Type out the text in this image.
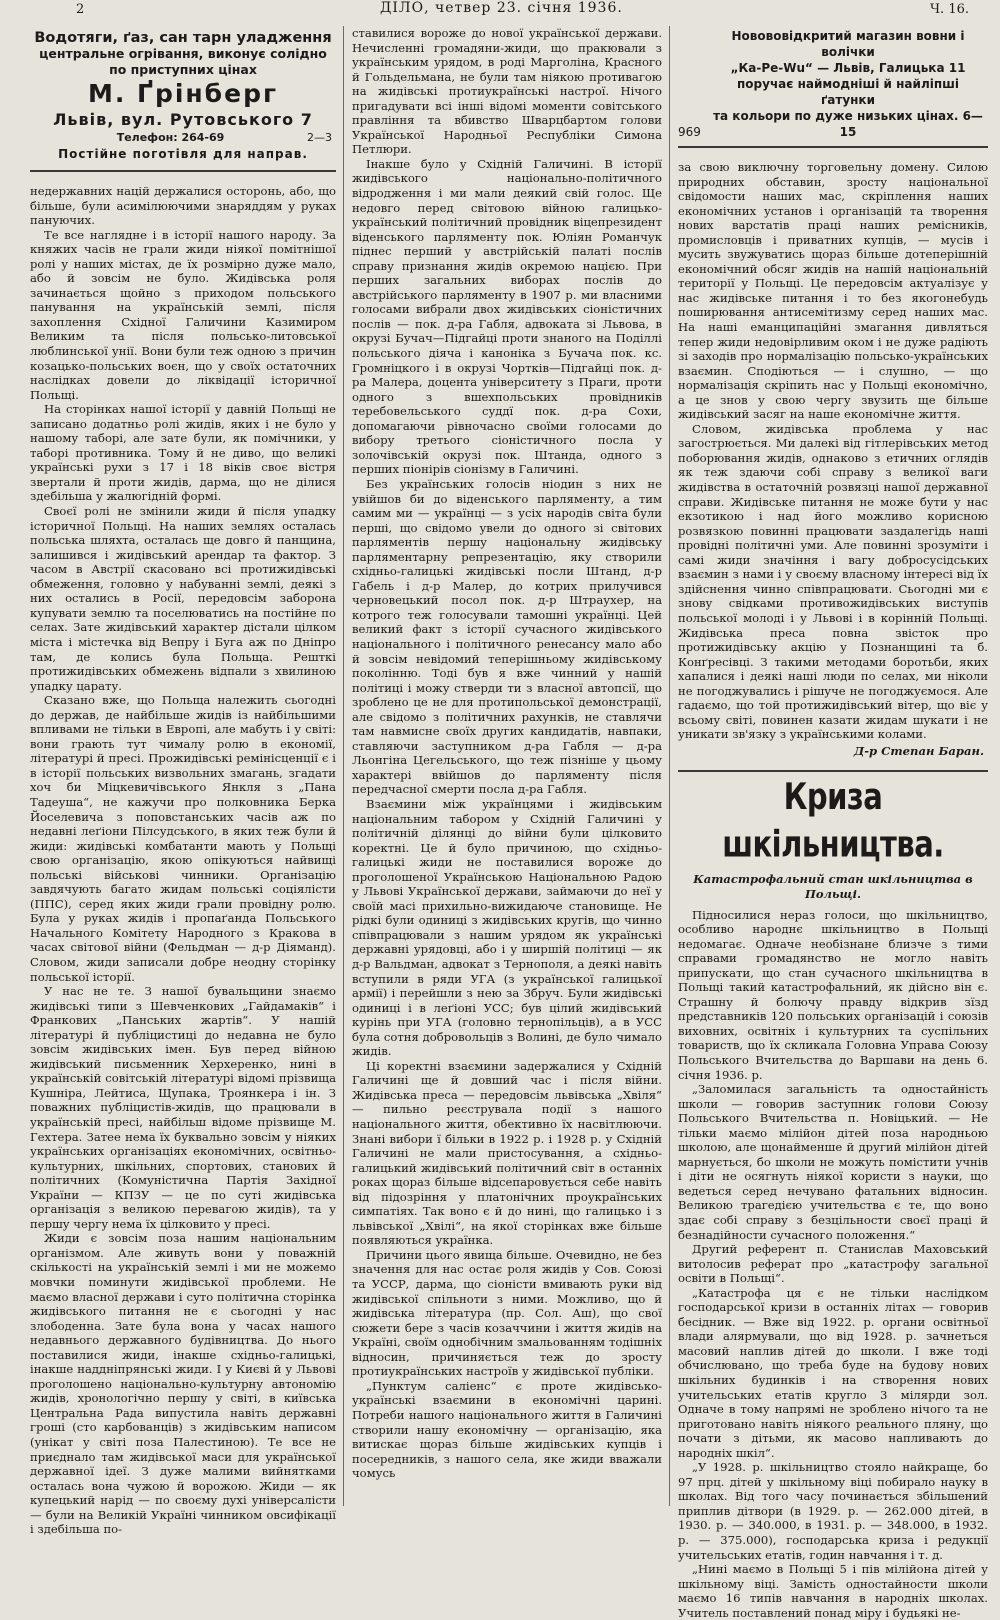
2	ДІЛО, четвер 23. січня 1936.	Ч. 16.
Водотяги, ґаз, сан тарн уладження
центральне огрівання, виконує солідно
по приступних цінах
М. Ґрінберг
Львів, вул. Рутовського 7
Телефон: 264-69	2—3
Постійне поготівля для направ.

недержавних націй держалися осторонь, або, що більше, були асимілюючими знаряддям у руках пануючих.

Те все наглядне і в історії нашого народу. За княжих часів не грали жиди ніякої помітнішої ролі у наших містах, де їх розмірно дуже мало, або й зовсім не було. Жидівська роля зачинається щойно з приходом польського панування на українській землі, після захоплення Східної Галичини Казимиром Великим та після польсько-литовської люблинської унії. Вони були теж одною з причин козацько-польських воєн, що у своїх остаточних наслідках довели до ліквідації історичної Польщі.

На сторінках нашої історії у давній Польщі не записано додатньо ролі жидів, яких і не було у нашому таборі, але зате були, як помічники, у таборі противника. Тому й не диво, що великі українські рухи з 17 і 18 віків своє вістря звертали й проти жидів, дарма, що не ділися здебільша у жалюгідній формі.

Своєї ролі не змінили жиди й після упадку історичної Польщі. На наших землях осталась польська шляхта, осталась ще довго й панщина, залишився і жидівський арендар та фактор. З часом в Австрії скасовано всі протижидівські обмеження, головно у набуванні землі, деякі з них остались в Росії, передовсім заборона купувати землю та поселюватись на постійне по селах. Зате жидівський характер дістали цілком міста і містечка від Вепру і Буга аж по Дніпро там, де колись була Польща. Решткі протижидівських обмежень відпали з хвилиною упадку царату.

Сказано вже, що Польща належить сьогодні до держав, де найбільше жидів із найбільшими впливами не тільки в Европі, але мабуть і у світі: вони грають тут чималу ролю в економії, літературі й пресі. Прожидівські ремінісценції є і в історії польських визвольних змагань, згадати хоч би Міцкевичівського Янкля з „Пана Тадеуша“, не кажучи про полковника Берка Йоселевича з поповстанських часів аж по недавні леґіони Пілсудського, в яких теж були й жиди: жидівські комбатанти мають у Польщі свою організацію, якою опікуються найвищі польські військові чинники. Організацію завдячують багато жидам польські соціялісти (ППС), серед яких жиди грали провідну ролю. Була у руках жидів і пропаґанда Польського Начального Комітету Народного з Кракова в часах світової війни (Фельдман — д-р Діяманд). Словом, жиди записали добре неодну сторінку польської історії.

У нас не те. З нашої бувальщини знаємо жидівські типи з Шевченкових „Гайдамаків“ і Франкових „Панських жартів“. У нашій літературі й публіцистиці до недавна не було зовсім жидівських імен. Був перед війною жидівський письменник Херхеренко, нині в українській совітській літературі відомі прізвища Кушніра, Лейтиса, Щупака, Троянкера і ін. З поважних публіцистів-жидів, що працювали в українській пресі, найбільш відоме прізвище М. Гехтера. Затее нема їх буквально зовсім у ніяких українських організаціях економічних, освітньо-культурних, шкільних, спортових, станових й політичних (Комуністична Партія Західної України — КПЗУ — це по суті жидівська організація з великою перевагою жидів), та у першу чергу нема їх цілковито у пресі.

Жиди є зовсім поза нашим національним організмом. Але живуть вони у поважній скількості на українській землі і ми не можемо мовчки поминути жидівської проблеми. Не маємо власної держави і суто політична сторінка жидівського питання не є сьогодні у нас злободенна. Зате була вона у часах нашого недавнього державного будівництва. До нього поставилися жиди, інакше східньо-галицькі, інакше наддніпрянські жиди. І у Києві й у Львові проголошено національно-культурну автономію жидів, хронологічно першу у світі, в київська Центральна Рада випустила навіть державні гроші (сто карбованців) з жидівським написом (унікат у світі поза Палестиною). Те все не приєднало там жидівської маси для української державної ідеї. З дуже малими вийнятками осталась вона чужою й ворожою. Жиди — як купецький нарід — по своєму духі універсалісти — були на Великій Україні чинником овсифікації і здебільша по-

ставилися вороже до нової української держави. Нечисленні громадяни-жиди, що пракювали з українським урядом, в роді Марголіна, Красного й Гольдельмана, не були там ніякою противагою на жидівські протиукраїнські настрої. Нічого пригадувати всі інші відомі моменти совітського правління та вбивство Шварцбартом голови Української Народньої Республіки Симона Петлюри.

Інакше було у Східній Галичині. В історії жидівського національно-політичного відродження і ми мали деякий свій голос. Ще недовго перед світовою війною галицько-український політичний провідник віцепрезидент віденського парляменту пок. Юліян Романчук піднес перший у австрійській палаті послів справу признання жидів окремою нацією. При перших загальних виборах послів до австрійського парляменту в 1907 р. ми власними голосами вибрали двох жидівських сіоністичних послів — пок. д-ра Габля, адвоката зі Львова, в окрузі Бучач—Підгайці проти знаного на Поділлі польського діяча і каноніка з Бучача пок. кс. Громніцкого і в окрузі Чортків—Підгайці пок. д-ра Малера, доцента університету з Праги, проти одного з вшехпольських провідників теребовельського суддї пок. д-ра Сохи, допомагаючи рівночасно своїми голосами до вибору третього сіоністичного посла у золочівській окрузі пок. Штанда, одного з перших піонірів сіонізму в Галичині.

Без українських голосів ніодин з них не увійшов би до віденського парляменту, а тим самим ми — українці — з усіх народів світа були перші, що свідомо увели до одного зі світових парляментів першу національну жидівську парляментарну репрезентацію, яку створили східньо-галицькі жидівські посли Штанд, д-р Габель і д-р Малер, до котрих прилучився черновецький посол пок. д-р Штраухер, на котрого теж голосували тамошні українці. Цей великий факт з історії сучасного жидівського національного і політичного ренесансу мало або й зовсім невідомий теперішньому жидівському поколінню. Тоді був я вже чинний у нашій політиці і можу стверди ти з власної автопсії, що зроблено це не для протипольської демонстрації, але свідомо з політичних рахунків, не ставлячи там навмисне своїх других кандидатів, навпаки, ставляючи заступником д-ра Габля — д-ра Льонгіна Цегельського, що теж пізніше у цьому характері ввійшов до парляменту після передчасної смерти посла д-ра Габля.

Взаємини між українцями і жидівським національним табором у Східній Галичині у політичній ділянці до війни були цілковито коректні. Це й було причиною, що східньо-галицькі жиди не поставилися вороже до проголошеної Українською Національною Радою у Львові Української держави, займаючи до неї у своїй масі прихильно-вижидаюче становище. Не рідкі були одиниці з жидівських кругів, що чинно співпрацювали з нашим урядом як українські державні урядовці, або і у ширшій політиці — як д-р Вальдман, адвокат з Тернополя, а деякі навіть вступили в ряди УГА (з української галицької армії) і перейшли з нею за Збруч. Були жидівські одиниці і в леґіоні УСС; був цілий жидівський курінь при УГА (головно тернопільців), а в УСС була сотня добровольців з Волині, де було чимало жидів.

Ці коректні взаємини задержалися у Східній Галичині ще й довший час і після війни. Жидівська преса — передовсім львівська „Хвіля“ — пильно реєструвала події з нашого національного життя, обективно їх насвітлюючи. Знані вибори ї більки в 1922 р. і 1928 р. у Східній Галичині не мали пристосування, а східньо-галицький жидівський політичний світ в останніх роках щораз більше відсепаровується себе навіть від підозріння у платонічних проукраїнських симпатіях. Так воно є й до нині, що галицько і з львівської „Хвілі“, на якої сторінках вже більше появляються українка.

Причини цього явища більше. Очевидно, не без значення для нас остає роля жидів у Сов. Союзі та УССР, дарма, що сіоністи вмивають руки від жидівської спільноти з ними. Можливо, що й жидівська література (пр. Сол. Аш), що свої сюжети бере з часів козаччини і життя жидів на Україні, своїм однобічним змальованням тодішніх відносин, причиняється теж до зросту протиукраїнських настроїв у жидівської публіки.

„Пунктум саліенс“ є проте жидівсько-українські взаємини в економічні царині. Потреби нашого національного життя в Галичині створили нашу економічну — організацію, яка витискає щораз більше жидівських купців і посередників, з нашого села, яке жиди вважали чомусь

969
Новововідкритий магазин вовни і волічки
„Ка-Ре-Wu“ — Львів, Галицька 11
поручає наймодніші й найліпші ґатунки
та кольори по дуже низьких цінах. 6—15

за свою виключну торговельну домену. Силою природних обставин, зросту національної свідомости наших мас, скріплення наших економічних установ і організацій та творення нових варстатів праці наших ремісників, промисловців і приватних купців, — мусів і мусить звужуватись щораз більше дотеперішній економічний обсяг жидів на нашій національній території у Польщі. Це передовсім актуалізує у нас жидівське питання і то без якогонебудь поширювання антисемітизму серед наших мас. На наші еманципаційні змагання дивляться тепер жиди недовірливим оком і не дуже радіють зі заходів про нормалізацію польсько-українських взаємин. Сподіються — і слушно, — що нормалізація скріпить нас у Польщі економічно, а це знов у свою чергу звузить ще більше жидівський засяг на наше економічне життя.

Словом, жидівська проблема у нас загострюється. Ми далекі від гітлерівських метод поборювання жидів, однаково з етичних оглядів як теж здаючи собі справу з великої ваги жидівства в остаточній розвязці нашої державної справи. Жидівське питання не може бути у нас екзотикою і над його можливо корисною розвязкою повинні працювати заздалегідь наші провідні політичні уми. Але повинні зрозуміти і самі жиди значіння і вагу добросусідських взаємин з нами і у своєму власному інтересі від їх здійснення чинно співпрацювати. Сьогодні ми є знову свідками противожидівських виступів польської молоді і у Львові і в корінній Польщі. Жидівська преса повна звісток про протижидівську акцію у Познанщині та б. Конґресівці. З такими методами боротьби, яких хапалися і деякі наші люди по селах, ми ніколи не погоджувались і рішуче не погоджуємося. Але гадаємо, що той протижидівський вітер, що віє у всьому світі, повинен казати жидам шукати і не уникати зв'язку з українськими колами.

Д-р Степан Баран.
Криза шкільництва.
Катастрофальний стан шкільництва в Польщі.

Підносилися нераз голоси, що шкільництво, особливо народнє шкільництво в Польщі недомагає. Одначе необізнане близче з тими справами громадянство не могло навіть припускати, що стан сучасного шкільництва в Польщі такий катастрофальний, як дійсно він є. Страшну й болючу правду відкрив зїзд представників 120 польських організацій і союзів виховних, освітніх і культурних та суспільних товариств, що їх скликала Головна Управа Союзу Польського Вчительства до Варшави на день 6. січня 1936. р.

„Заломилася загальність та одностайність школи — говорив заступник голови Союзу Польського Вчительства п. Новіцький. — Не тільки маємо мілійон дітей поза народньою школою, але щонайменше й другий мілійон дітей марнується, бо школи не можуть помістити учнів і діти не осягнуть ніякої користи з науки, що ведеться серед нечувано фатальних відносин. Великою трагедією учительства є те, що воно здає собі справу з безцільности своєї праці й безнадійности сучасного положення.“

Другий референт п. Станислав Маховський витолосив реферат про „катастрофу загальної освіти в Польщі“.

„Катастрофа ця є не тільки наслідком господарської кризи в останніх літах — говорив бесідник. — Вже від 1922. р. органи освітньої влади алярмували, що від 1928. р. зачнеться масовий наплив дітей до школи. І вже тоді обчислювано, що треба буде на будову нових шкільних будинків і на створення нових учительських етатів круглo 3 мілярди зол. Одначе в тому напрямі не зроблено нічого та не приготовано навіть ніякого реального пляну, що почати з дітьми, як масово напливають до народніх шкіл“.

„У 1928. р. шкільництво стояло найкраще, бо 97 прц. дітей у шкільному віці побирало науку в школах. Від того часу починається збільшений приплив дітвори (в 1929. р. — 262.000 дітей, в 1930. р. — 340.000, в 1931. р. — 348.000, в 1932. р. — 375.000), господарська криза і редукції учительських етатів, годин навчання і т. д.

„Нині маємо в Польщі 5 і пів мілійона дітей у шкільному віці. Замість одностайности школи маємо 16 типів навчання в народніх школах. Учитель поставлений понад міру і будьякі не-
